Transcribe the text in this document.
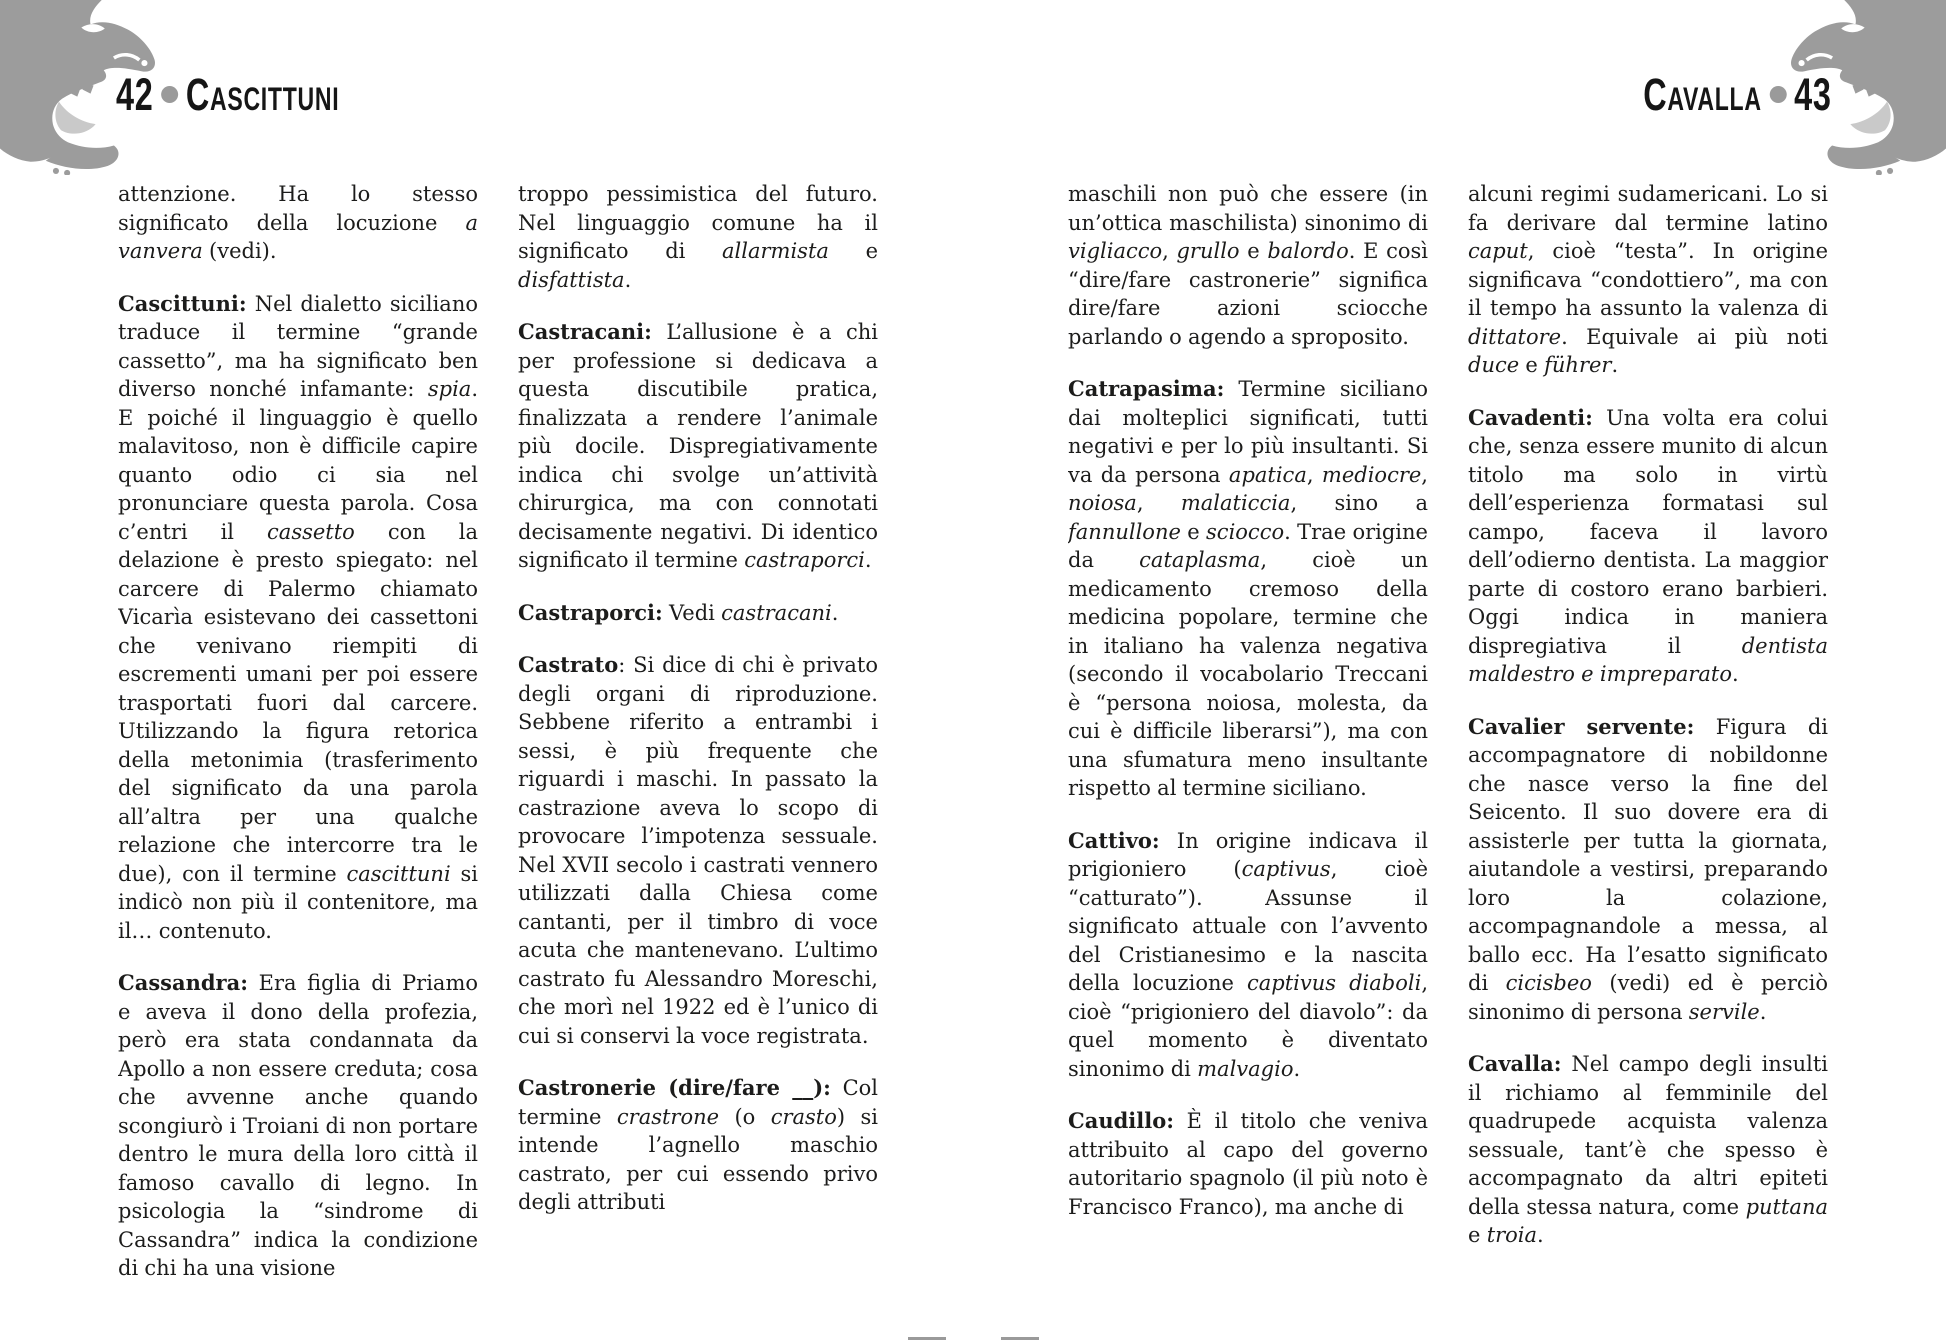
42 cascittuni	cavalla 43

attenzione. Ha lo stesso significato della locuzione a vanvera (vedi).

Cascittuni: Nel dialetto siciliano traduce il termine “grande cassetto”, ma ha significato ben diverso nonché infamante: spia. E poiché il linguaggio è quello malavitoso, non è difficile capire quanto odio ci sia nel pronunciare questa parola. Cosa c’entri il cassetto con la delazione è presto spiegato: nel carcere di Palermo chiamato Vicarìa esistevano dei cassettoni che venivano riempiti di escrementi umani per poi essere trasportati fuori dal carcere. Utilizzando la figura retorica della metonimia (trasferimento del significato da una parola all’altra per una qualche relazione che intercorre tra le due), con il termine cascittuni si indicò non più il contenitore, ma il… contenuto.

Cassandra: Era figlia di Priamo e aveva il dono della profezia, però era stata condannata da Apollo a non essere creduta; cosa che avvenne anche quando scongiurò i Troiani di non portare dentro le mura della loro città il famoso cavallo di legno. In psicologia la “sindrome di Cassandra” indica la condizione di chi ha una visione

troppo pessimistica del futuro. Nel linguaggio comune ha il significato di allarmista e disfattista.

Castracani: L’allusione è a chi per professione si dedicava a questa discutibile pratica, finalizzata a rendere l’animale più docile. Dispregiativamente indica chi svolge un’attività chirurgica, ma con connotati decisamente negativi. Di identico significato il termine castraporci.

Castraporci: Vedi castracani.

Castrato: Si dice di chi è privato degli organi di riproduzione. Sebbene riferito a entrambi i sessi, è più frequente che riguardi i maschi. In passato la castrazione aveva lo scopo di provocare l’impotenza sessuale. Nel XVII secolo i castrati vennero utilizzati dalla Chiesa come cantanti, per il timbro di voce acuta che mantenevano. L’ultimo castrato fu Alessandro Moreschi, che morì nel 1922 ed è l’unico di cui si conservi la voce registrata.

Castronerie (dire/fare __): Col termine crastrone (o crasto) si intende l’agnello maschio castrato, per cui essendo privo degli attributi

maschili non può che essere (in un’ottica maschilista) sinonimo di vigliacco, grullo e balordo. E così “dire/fare castronerie” significa dire/fare azioni sciocche parlando o agendo a sproposito.

Catrapasima: Termine siciliano dai molteplici significati, tutti negativi e per lo più insultanti. Si va da persona apatica, mediocre, noiosa, malaticcia, sino a fannullone e sciocco. Trae origine da cataplasma, cioè un medicamento cremoso della medicina popolare, termine che in italiano ha valenza negativa (secondo il vocabolario Treccani è “persona noiosa, molesta, da cui è difficile liberarsi”), ma con una sfumatura meno insultante rispetto al termine siciliano.

Cattivo: In origine indicava il prigioniero (captivus, cioè “catturato”). Assunse il significato attuale con l’avvento del Cristianesimo e la nascita della locuzione captivus diaboli, cioè “prigioniero del diavolo”: da quel momento è diventato sinonimo di malvagio.

Caudillo: È il titolo che veniva attribuito al capo del governo autoritario spagnolo (il più noto è Francisco Franco), ma anche di

alcuni regimi sudamericani. Lo si fa derivare dal termine latino caput, cioè “testa”. In origine significava “condottiero”, ma con il tempo ha assunto la valenza di dittatore. Equivale ai più noti duce e führer.

Cavadenti: Una volta era colui che, senza essere munito di alcun titolo ma solo in virtù dell’esperienza formatasi sul campo, faceva il lavoro dell’odierno dentista. La maggior parte di costoro erano barbieri. Oggi indica in maniera dispregiativa il dentista maldestro e impreparato.

Cavalier servente: Figura di accompagnatore di nobildonne che nasce verso la fine del Seicento. Il suo dovere era di assisterle per tutta la giornata, aiutandole a vestirsi, preparando loro la colazione, accompagnandole a messa, al ballo ecc. Ha l’esatto significato di cicisbeo (vedi) ed è perciò sinonimo di persona servile.

Cavalla: Nel campo degli insulti il richiamo al femminile del quadrupede acquista valenza sessuale, tant’è che spesso è accompagnato da altri epiteti della stessa natura, come puttana e troia.
